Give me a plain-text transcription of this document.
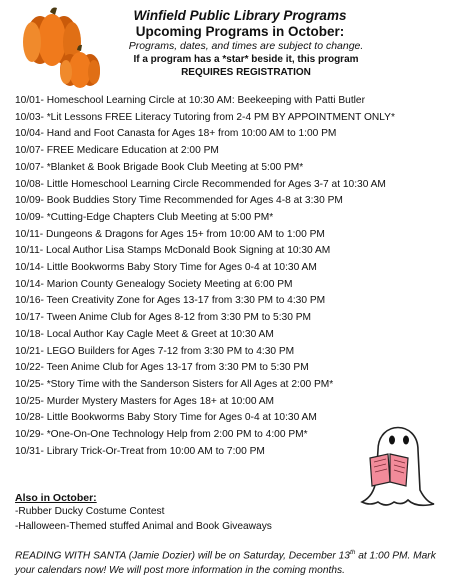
Winfield Public Library Programs
Upcoming Programs in October:
Programs, dates, and times are subject to change.
If a program has a *star* beside it, this program
REQUIRES REGISTRATION
10/01- Homeschool Learning Circle at 10:30 AM: Beekeeping with Patti Butler
10/03- *Lit Lessons FREE Literacy Tutoring from 2-4 PM BY APPOINTMENT ONLY*
10/04- Hand and Foot Canasta for Ages 18+ from 10:00 AM to 1:00 PM
10/07- FREE Medicare Education at 2:00 PM
10/07- *Blanket & Book Brigade Book Club Meeting at 5:00 PM*
10/08- Little Homeschool Learning Circle Recommended for Ages 3-7 at 10:30 AM
10/09- Book Buddies Story Time Recommended for Ages 4-8 at 3:30 PM
10/09- *Cutting-Edge Chapters Club Meeting at 5:00 PM*
10/11- Dungeons & Dragons for Ages 15+ from 10:00 AM to 1:00 PM
10/11- Local Author Lisa Stamps McDonald Book Signing at 10:30 AM
10/14- Little Bookworms Baby Story Time for Ages 0-4 at 10:30 AM
10/14- Marion County Genealogy Society Meeting at 6:00 PM
10/16- Teen Creativity Zone for Ages 13-17 from 3:30 PM to 4:30 PM
10/17- Tween Anime Club for Ages 8-12 from 3:30 PM to 5:30 PM
10/18- Local Author Kay Cagle Meet & Greet at 10:30 AM
10/21- LEGO Builders for Ages 7-12 from 3:30 PM to 4:30 PM
10/22- Teen Anime Club for Ages 13-17 from 3:30 PM to 5:30 PM
10/25- *Story Time with the Sanderson Sisters for All Ages at 2:00 PM*
10/25- Murder Mystery Masters for Ages 18+ at 10:00 AM
10/28- Little Bookworms Baby Story Time for Ages 0-4 at 10:30 AM
10/29- *One-On-One Technology Help from 2:00 PM to 4:00 PM*
10/31- Library Trick-Or-Treat from 10:00 AM to 7:00 PM
Also in October:
-Rubber Ducky Costume Contest
-Halloween-Themed stuffed Animal and Book Giveaways
READING WITH SANTA (Jamie Dozier) will be on Saturday, December 13th at 1:00 PM. Mark your calendars now! We will post more information in the coming months.
